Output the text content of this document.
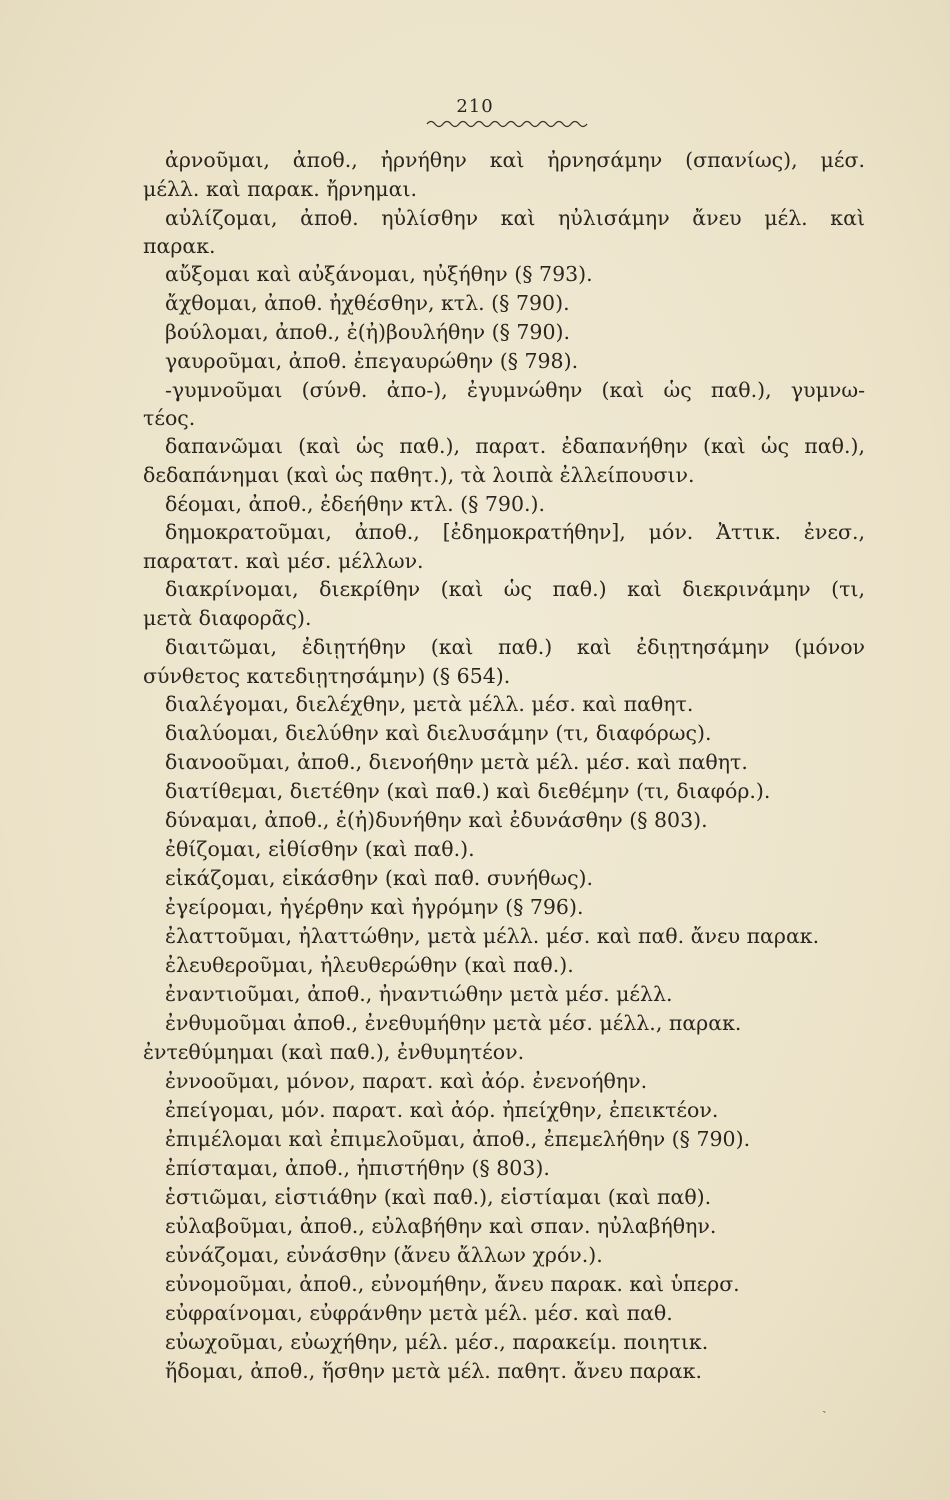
210
ἀρνοῦμαι, ἀποθ., ἠρνήθην καὶ ἠρνησάμην (σπανίως), μέσ.
μέλλ. καὶ παρακ. ἤρνημαι.
αὐλίζομαι, ἀποθ. ηὐλίσθην καὶ ηὐλισάμην ἄνευ μέλ. καὶ
παρακ.
αὔξομαι καὶ αὐξάνομαι, ηὐξήθην (§ 793).
ἄχθομαι, ἀποθ. ἠχθέσθην, κτλ. (§ 790).
βούλομαι, ἀποθ., ἐ(ἠ)βουλήθην (§ 790).
γαυροῦμαι, ἀποθ. ἐπεγαυρώθην (§ 798).
-γυμνοῦμαι (σύνθ. ἀπο-), ἐγυμνώθην (καὶ ὡς παθ.), γυμνω-
τέος.
δαπανῶμαι (καὶ ὡς παθ.), παρατ. ἐδαπανήθην (καὶ ὡς παθ.),
δεδαπάνημαι (καὶ ὡς παθητ.), τὰ λοιπὰ ἐλλείπουσιν.
δέομαι, ἀποθ., ἐδεήθην κτλ. (§ 790.).
δημοκρατοῦμαι, ἀποθ., [ἐδημοκρατήθην], μόν. Ἀττικ. ἐνεσ.,
παρατατ. καὶ μέσ. μέλλων.
διακρίνομαι, διεκρίθην (καὶ ὡς παθ.) καὶ διεκρινάμην (τι,
μετὰ διαφορᾶς).
διαιτῶμαι, ἐδιῃτήθην (καὶ παθ.) καὶ ἐδιῃτησάμην (μόνον
σύνθετος κατεδιῃτησάμην) (§ 654).
διαλέγομαι, διελέχθην, μετὰ μέλλ. μέσ. καὶ παθητ.
διαλύομαι, διελύθην καὶ διελυσάμην (τι, διαφόρως).
διανοοῦμαι, ἀποθ., διενοήθην μετὰ μέλ. μέσ. καὶ παθητ.
διατίθεμαι, διετέθην (καὶ παθ.) καὶ διεθέμην (τι, διαφόρ.).
δύναμαι, ἀποθ., ἐ(ἠ)δυνήθην καὶ ἐδυνάσθην (§ 803).
ἐθίζομαι, εἰθίσθην (καὶ παθ.).
εἰκάζομαι, εἰκάσθην (καὶ παθ. συνήθως).
ἐγείρομαι, ἠγέρθην καὶ ἠγρόμην (§ 796).
ἐλαττοῦμαι, ἠλαττώθην, μετὰ μέλλ. μέσ. καὶ παθ. ἄνευ παρακ.
ἐλευθεροῦμαι, ἠλευθερώθην (καὶ παθ.).
ἐναντιοῦμαι, ἀποθ., ἠναντιώθην μετὰ μέσ. μέλλ.
ἐνθυμοῦμαι ἀποθ., ἐνεθυμήθην μετὰ μέσ. μέλλ., παρακ.
ἐντεθύμημαι (καὶ παθ.), ἐνθυμητέον.
ἐννοοῦμαι, μόνον, παρατ. καὶ ἀόρ. ἐνενοήθην.
ἐπείγομαι, μόν. παρατ. καὶ ἀόρ. ἠπείχθην, ἐπεικτέον.
ἐπιμέλομαι καὶ ἐπιμελοῦμαι, ἀποθ., ἐπεμελήθην (§ 790).
ἐπίσταμαι, ἀποθ., ἠπιστήθην (§ 803).
ἑστιῶμαι, εἱστιάθην (καὶ παθ.), εἱστίαμαι (καὶ παθ).
εὐλαβοῦμαι, ἀποθ., εὐλαβήθην καὶ σπαν. ηὐλαβήθην.
εὐνάζομαι, εὐνάσθην (ἄνευ ἄλλων χρόν.).
εὐνομοῦμαι, ἀποθ., εὐνομήθην, ἄνευ παρακ. καὶ ὑπερσ.
εὐφραίνομαι, εὐφράνθην μετὰ μέλ. μέσ. καὶ παθ.
εὐωχοῦμαι, εὐωχήθην, μέλ. μέσ., παρακείμ. ποιητικ.
ἥδομαι, ἀποθ., ἥσθην μετὰ μέλ. παθητ. ἄνευ παρακ.
ˏ
